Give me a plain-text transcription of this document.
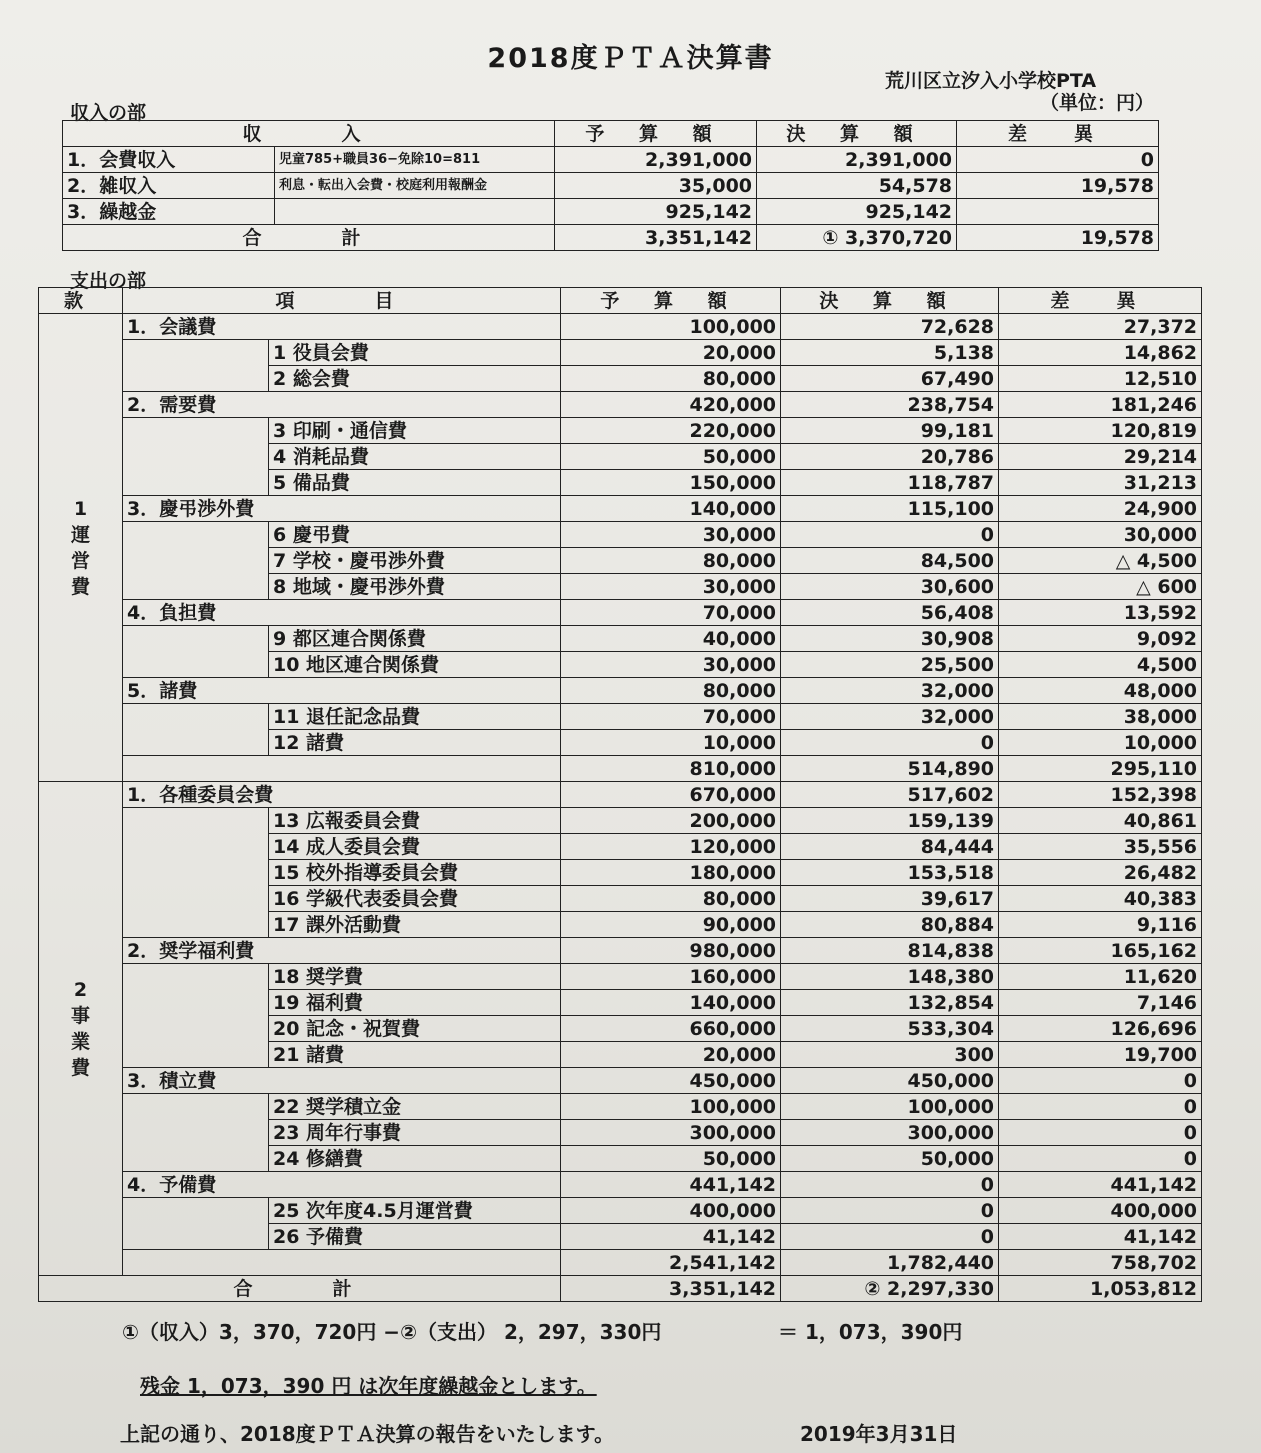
2018度ＰＴＡ決算書
荒川区立汐入小学校PTA
（単位：円）
収入の部
収　　入		予 算 額	決 算 額	差　異
1．会費収入	児童785+職員36−免除10=811	2,391,000	2,391,000	0
2．雑収入	利息・転出入会費・校庭利用報酬金	35,000	54,578	19,578
3．繰越金		925,142	925,142	
合　　計		3,351,142	① 3,370,720	19,578
支出の部
款	項　　目		予 算 額	決 算 額	差　異
1運営費	1．会議費		100,000	72,628	27,372
		1 役員会費	20,000	5,138	14,862
		2 総会費	80,000	67,490	12,510
	2．需要費		420,000	238,754	181,246
		3 印刷・通信費	220,000	99,181	120,819
		4 消耗品費	50,000	20,786	29,214
		5 備品費	150,000	118,787	31,213
	3．慶弔渉外費		140,000	115,100	24,900
		6 慶弔費	30,000	0	30,000
		7 学校・慶弔渉外費	80,000	84,500	△ 4,500
		8 地域・慶弔渉外費	30,000	30,600	△ 600
	4．負担費		70,000	56,408	13,592
		9 都区連合関係費	40,000	30,908	9,092
		10 地区連合関係費	30,000	25,500	4,500
	5．諸費		80,000	32,000	48,000
		11 退任記念品費	70,000	32,000	38,000
		12 諸費	10,000	0	10,000
			810,000	514,890	295,110
2事業費	1．各種委員会費		670,000	517,602	152,398
		13 広報委員会費	200,000	159,139	40,861
		14 成人委員会費	120,000	84,444	35,556
		15 校外指導委員会費	180,000	153,518	26,482
		16 学級代表委員会費	80,000	39,617	40,383
		17 課外活動費	90,000	80,884	9,116
	2．奨学福利費		980,000	814,838	165,162
		18 奨学費	160,000	148,380	11,620
		19 福利費	140,000	132,854	7,146
		20 記念・祝賀費	660,000	533,304	126,696
		21 諸費	20,000	300	19,700
	3．積立費		450,000	450,000	0
		22 奨学積立金	100,000	100,000	0
		23 周年行事費	300,000	300,000	0
		24 修繕費	50,000	50,000	0
	4．予備費		441,142	0	441,142
		25 次年度4.5月運営費	400,000	0	400,000
		26 予備費	41,142	0	41,142
			2,541,142	1,782,440	758,702
合　　計			3,351,142	② 2,297,330	1,053,812
①（収入）3，370，720円 −②（支出） 2，297，330円	＝ 1，073，390円
残金 1，073，390 円 は次年度繰越金とします。
上記の通り、2018度ＰＴＡ決算の報告をいたします。	2019年3月31日
